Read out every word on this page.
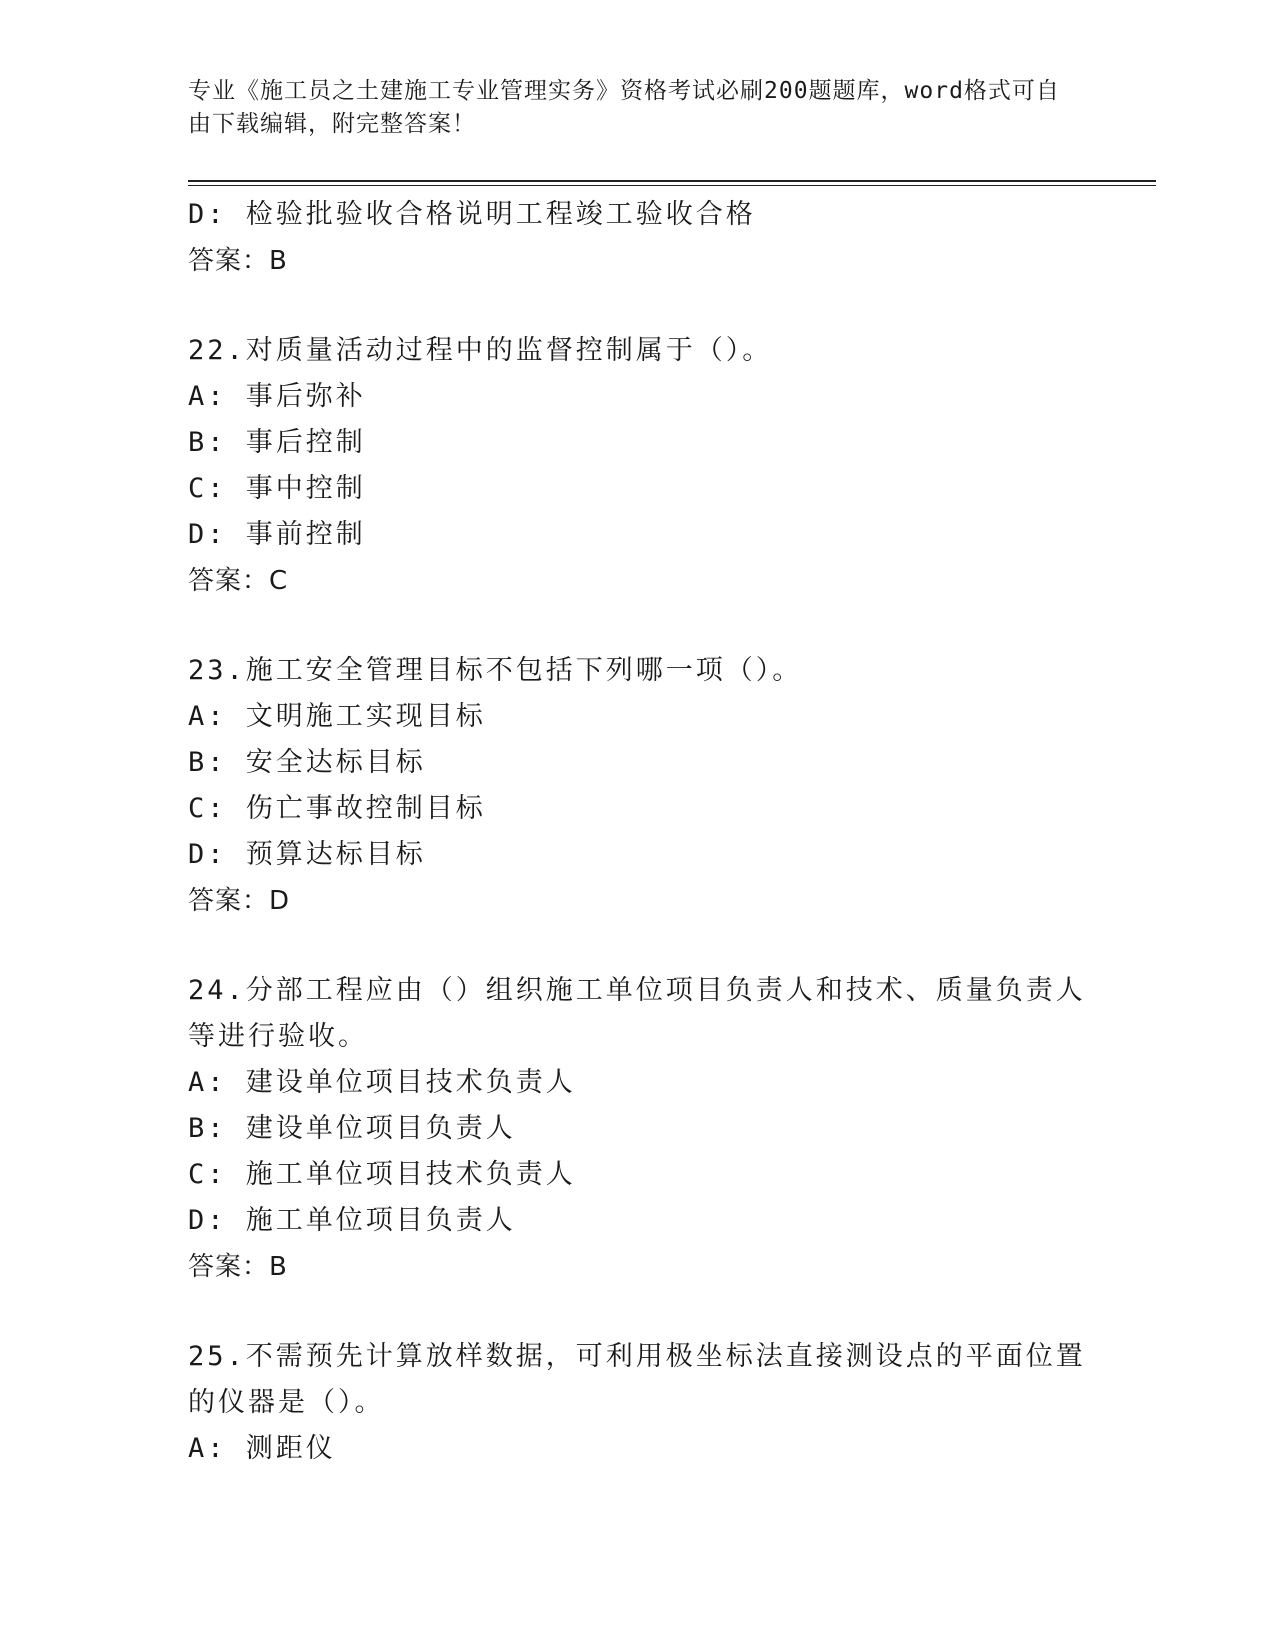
专业《施工员之土建施工专业管理实务》资格考试必刷200题题库，word格式可自由下载编辑，附完整答案！
D: 检验批验收合格说明工程竣工验收合格
答案：B
22.对质量活动过程中的监督控制属于（）。
A: 事后弥补
B: 事后控制
C: 事中控制
D: 事前控制
答案：C
23.施工安全管理目标不包括下列哪一项（）。
A: 文明施工实现目标
B: 安全达标目标
C: 伤亡事故控制目标
D: 预算达标目标
答案：D
24.分部工程应由（）组织施工单位项目负责人和技术、质量负责人等进行验收。
A: 建设单位项目技术负责人
B: 建设单位项目负责人
C: 施工单位项目技术负责人
D: 施工单位项目负责人
答案：B
25.不需预先计算放样数据，可利用极坐标法直接测设点的平面位置的仪器是（）。
A: 测距仪
